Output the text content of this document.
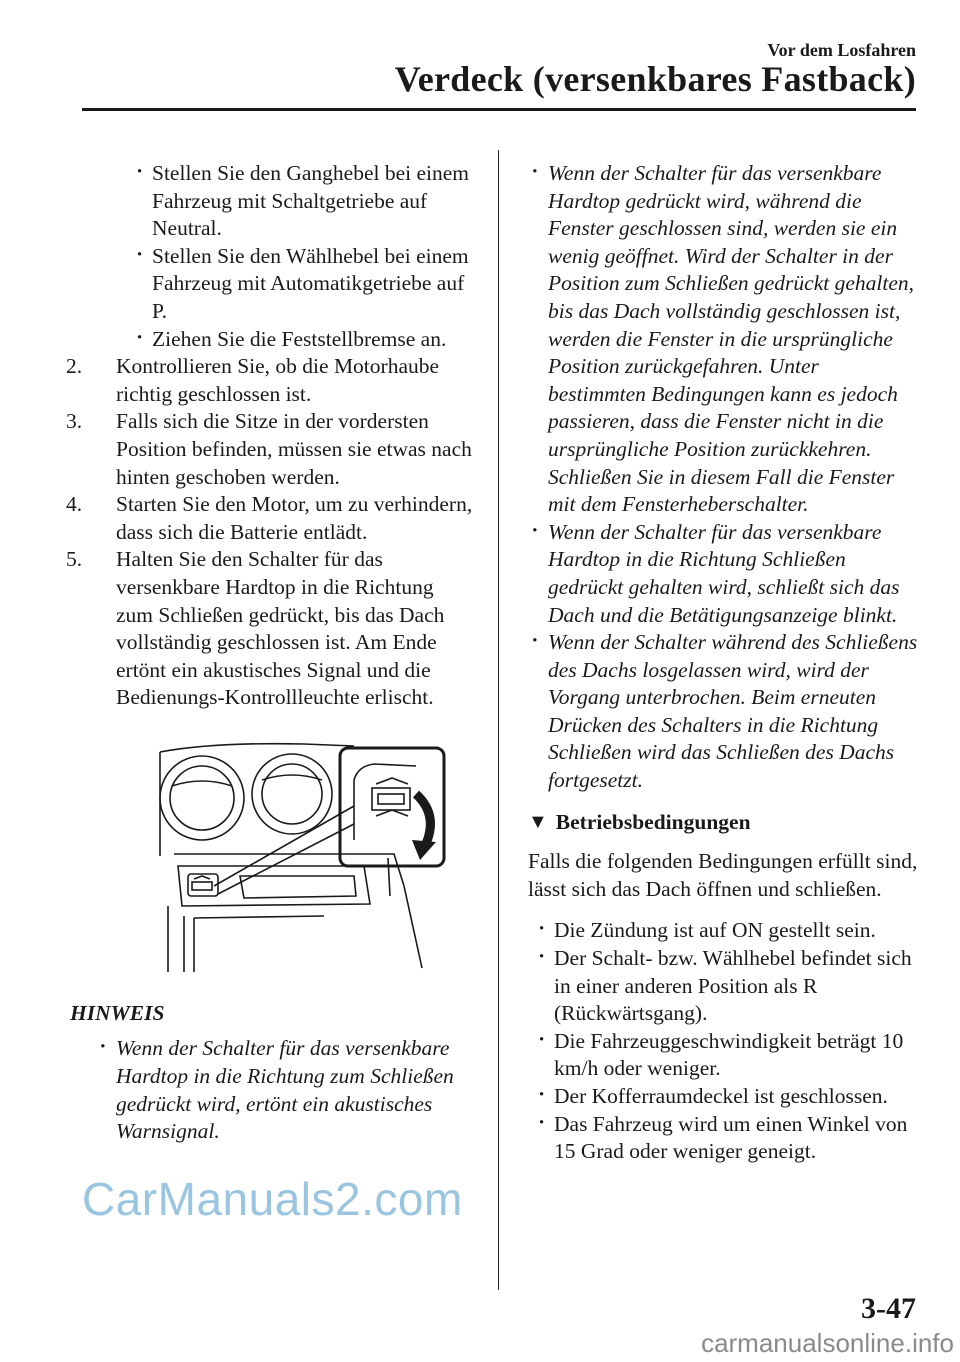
Vor dem Losfahren
Verdeck (versenkbares Fastback)
· Stellen Sie den Ganghebel bei einem Fahrzeug mit Schaltgetriebe auf Neutral.
· Stellen Sie den Wählhebel bei einem Fahrzeug mit Automatikgetriebe auf P.
· Ziehen Sie die Feststellbremse an.
2. Kontrollieren Sie, ob die Motorhaube richtig geschlossen ist.
3. Falls sich die Sitze in der vordersten Position befinden, müssen sie etwas nach hinten geschoben werden.
4. Starten Sie den Motor, um zu verhindern, dass sich die Batterie entlädt.
5. Halten Sie den Schalter für das versenkbare Hardtop in die Richtung zum Schließen gedrückt, bis das Dach vollständig geschlossen ist. Am Ende ertönt ein akustisches Signal und die Bedienungs-Kontrollleuchte erlischt.
HINWEIS
· Wenn der Schalter für das versenkbare Hardtop in die Richtung zum Schließen gedrückt wird, ertönt ein akustisches Warnsignal.
· Wenn der Schalter für das versenkbare Hardtop gedrückt wird, während die Fenster geschlossen sind, werden sie ein wenig geöffnet. Wird der Schalter in der Position zum Schließen gedrückt gehalten, bis das Dach vollständig geschlossen ist, werden die Fenster in die ursprüngliche Position zurückgefahren. Unter bestimmten Bedingungen kann es jedoch passieren, dass die Fenster nicht in die ursprüngliche Position zurückkehren. Schließen Sie in diesem Fall die Fenster mit dem Fensterheberschalter.
· Wenn der Schalter für das versenkbare Hardtop in die Richtung Schließen gedrückt gehalten wird, schließt sich das Dach und die Betätigungsanzeige blinkt.
· Wenn der Schalter während des Schließens des Dachs losgelassen wird, wird der Vorgang unterbrochen. Beim erneuten Drücken des Schalters in die Richtung Schließen wird das Schließen des Dachs fortgesetzt.
▼ Betriebsbedingungen
Falls die folgenden Bedingungen erfüllt sind, lässt sich das Dach öffnen und schließen.
· Die Zündung ist auf ON gestellt sein.
· Der Schalt- bzw. Wählhebel befindet sich in einer anderen Position als R (Rückwärtsgang).
· Die Fahrzeuggeschwindigkeit beträgt 10 km/h oder weniger.
· Der Kofferraumdeckel ist geschlossen.
· Das Fahrzeug wird um einen Winkel von 15 Grad oder weniger geneigt.
CarManuals2.com
3-47
carmanualsonline.info
